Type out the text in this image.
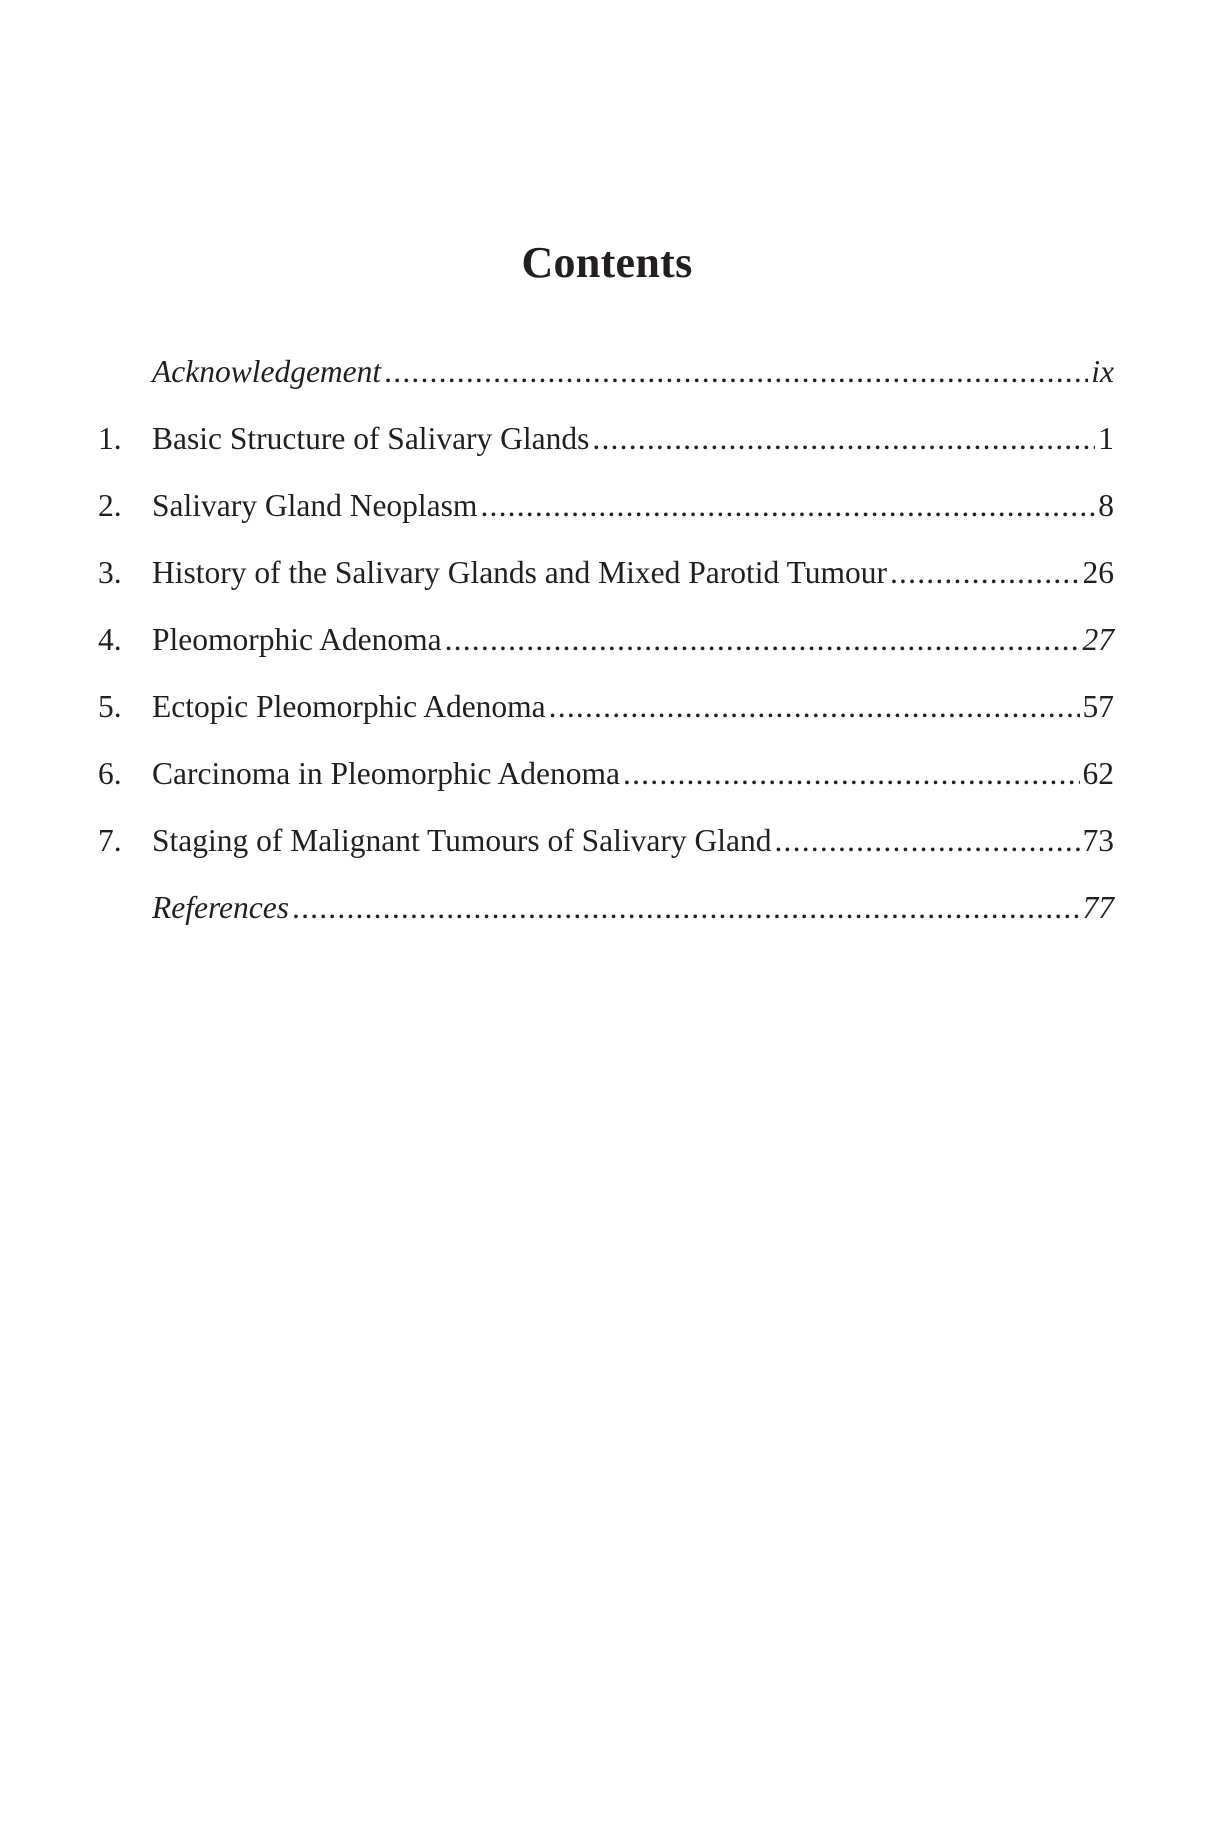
Contents
Acknowledgement .....	ix
1. Basic Structure of Salivary Glands .....	1
2. Salivary Gland Neoplasm .....	8
3. History of the Salivary Glands and Mixed Parotid Tumour .....	26
4. Pleomorphic Adenoma .....	27
5. Ectopic Pleomorphic Adenoma .....	57
6. Carcinoma in Pleomorphic Adenoma .....	62
7. Staging of Malignant Tumours of Salivary Gland .....	73
References .....	77
